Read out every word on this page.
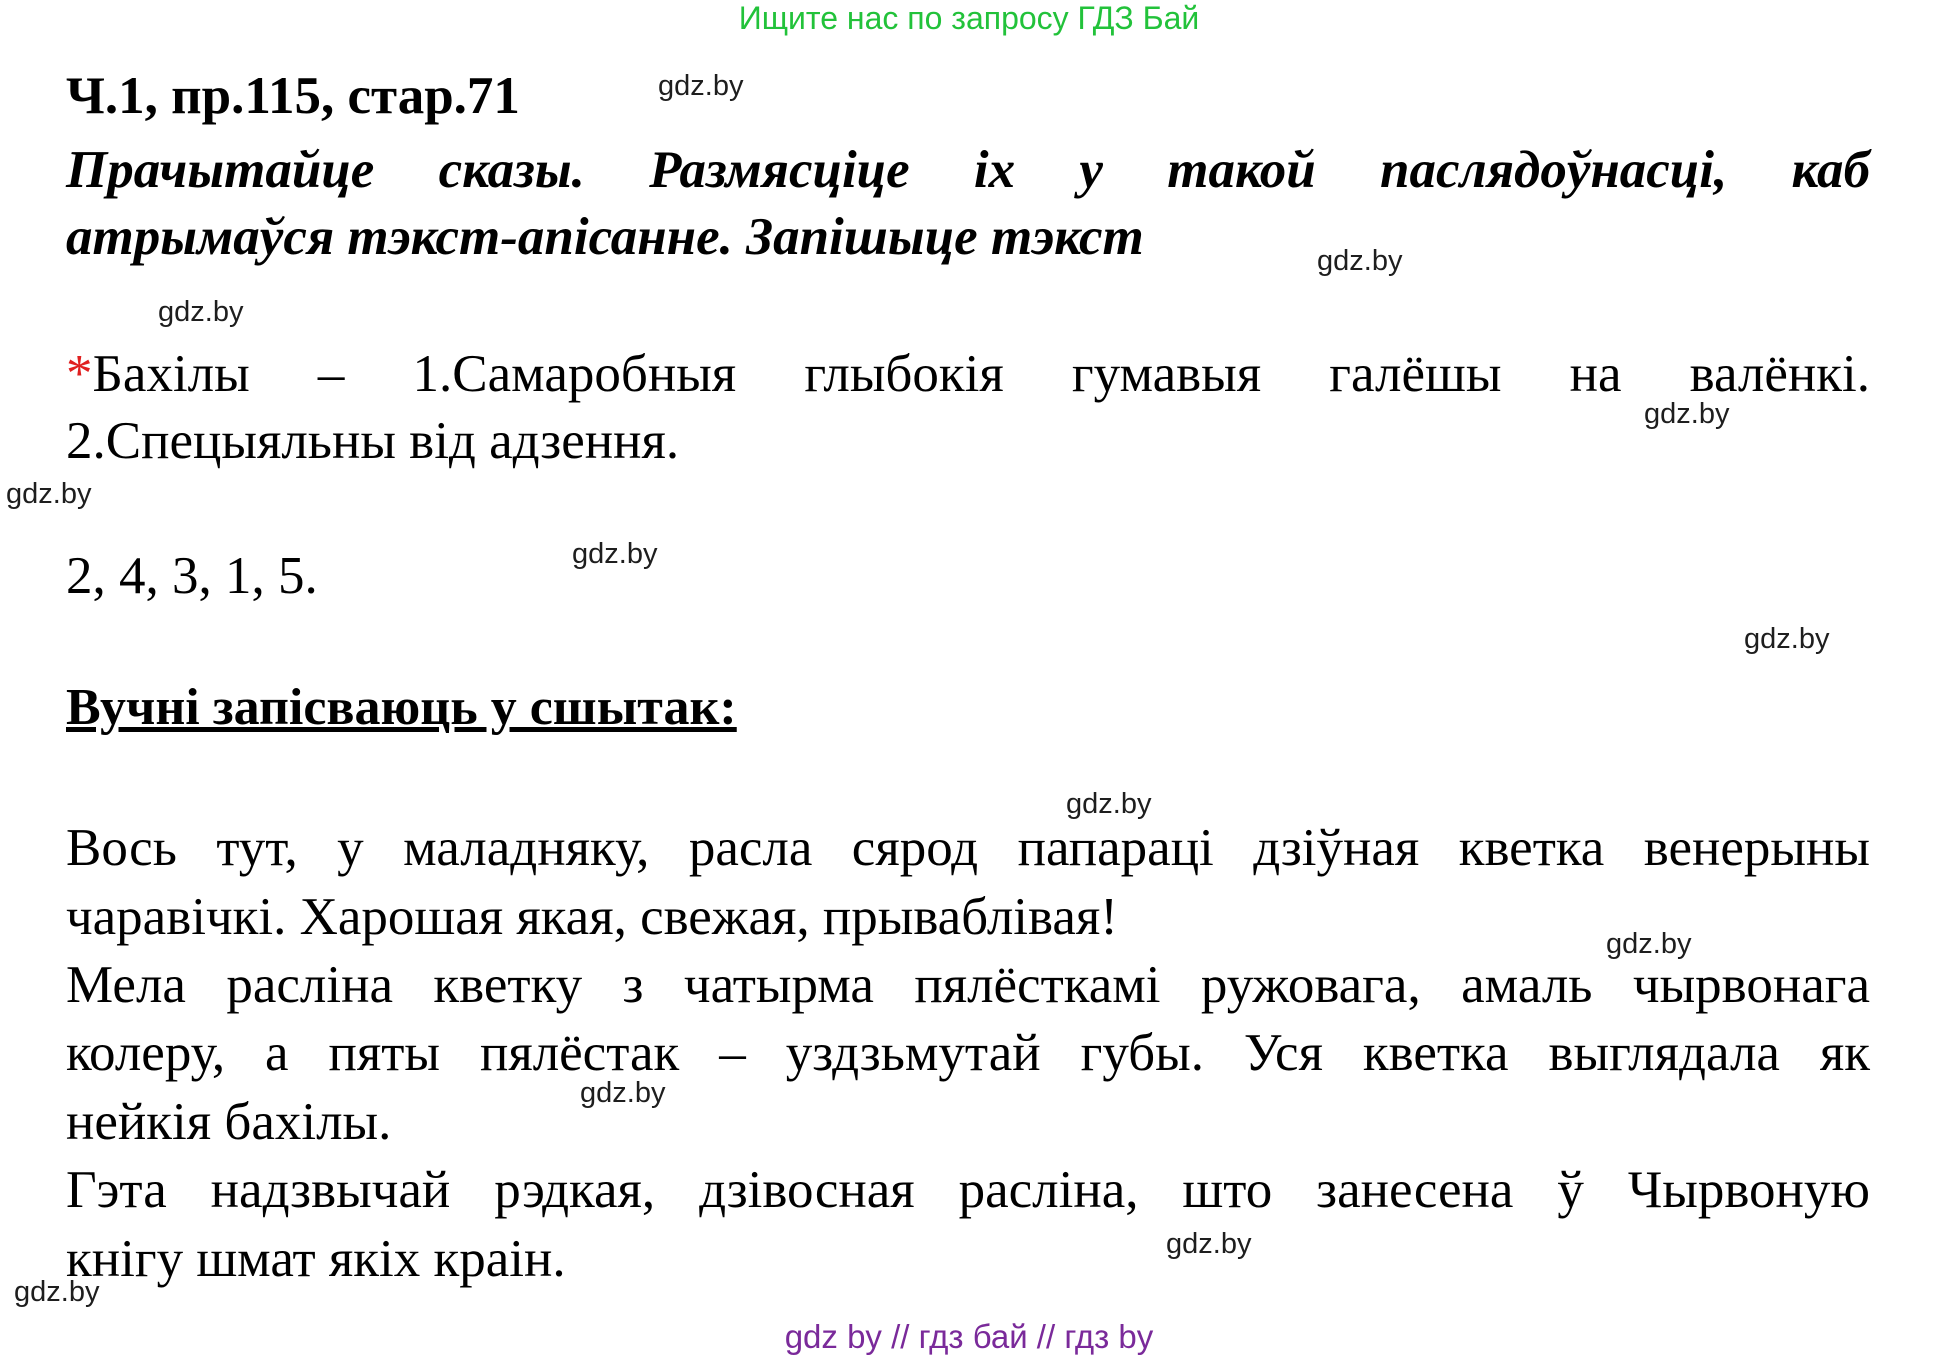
Ищите нас по запросу ГДЗ Бай
Ч.1, пр.115, стар.71
Прачытайце сказы. Размясціце іх у такой паслядоўнасці, каб
атрымаўся тэкст-апісанне. Запішыце тэкст
*Бахілы – 1.Самаробныя глыбокія гумавыя галёшы на валёнкі.
2.Спецыяльны від адзення.
2, 4, 3, 1, 5.
Вучні запісваюць у сшытак:
Вось тут, у маладняку, расла сярод папараці дзіўная кветка венерыны
чаравічкі. Харошая якая, свежая, прываблівая!
Мела расліна кветку з чатырма пялёсткамі ружовага, амаль чырвонага
колеру, а пяты пялёстак – уздзьмутай губы. Уся кветка выглядала як
нейкія бахілы.
Гэта надзвычай рэдкая, дзівосная расліна, што занесена ў Чырвоную
кнігу шмат якіх краін.
gdz.by
gdz.by
gdz.by
gdz.by
gdz.by
gdz.by
gdz.by
gdz.by
gdz.by
gdz.by
gdz.by
gdz.by
gdz by // гдз бай // гдз by
